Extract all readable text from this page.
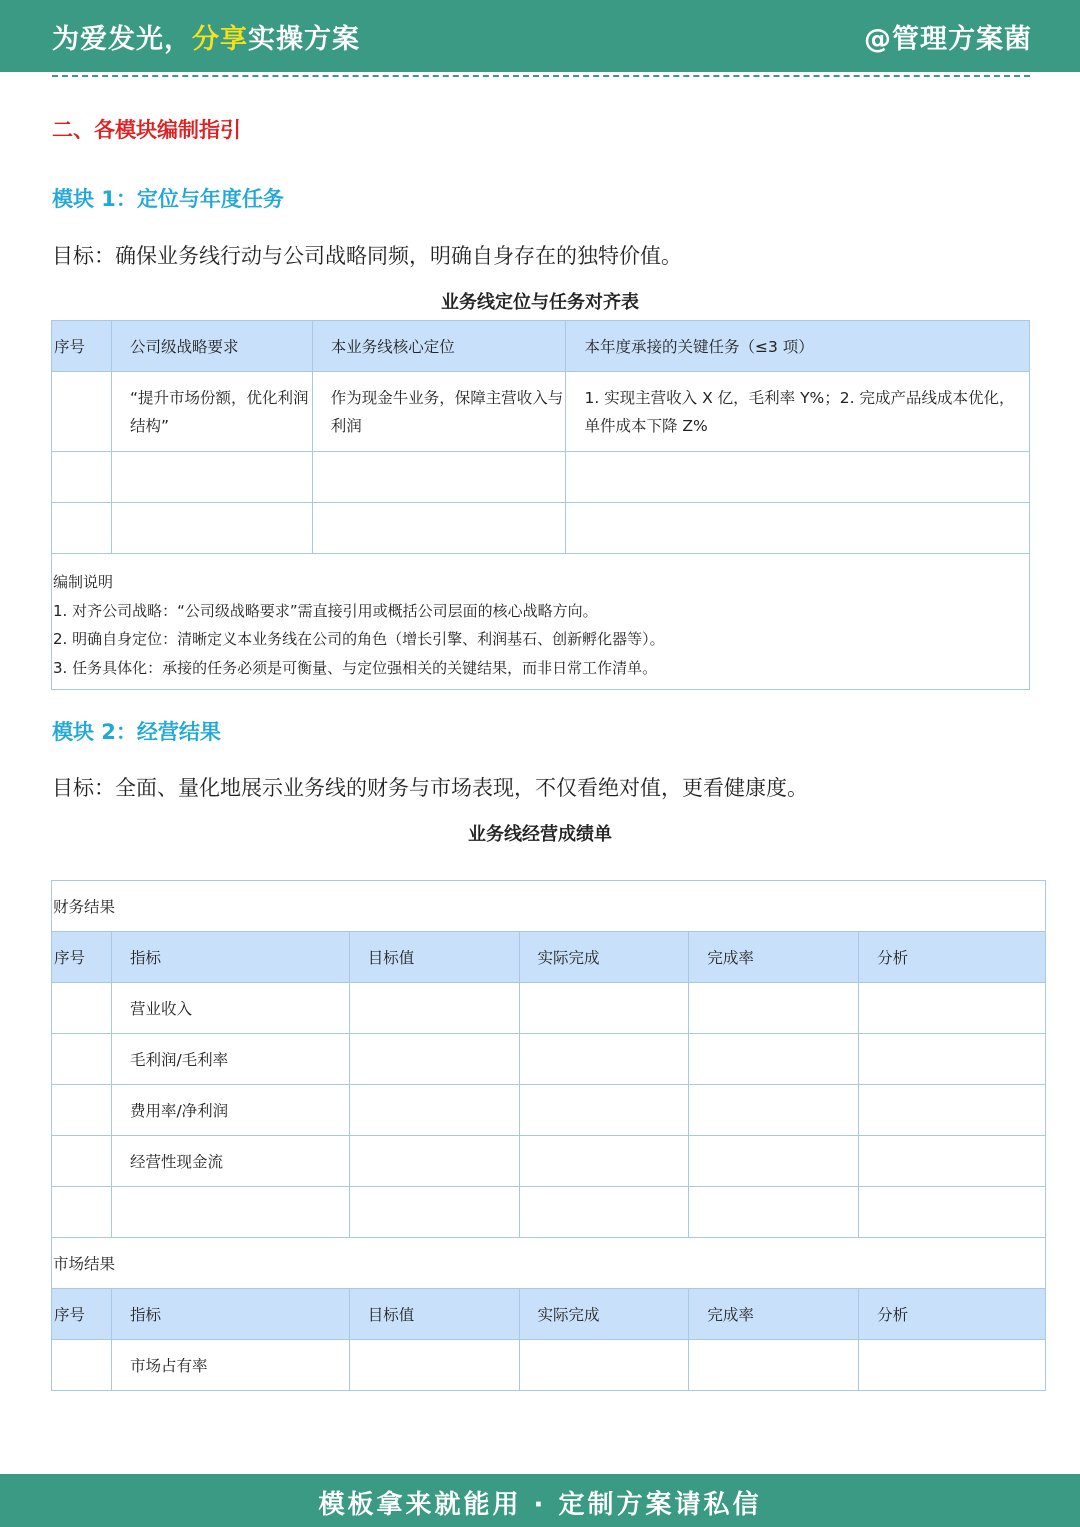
为爱发光，分享实操方案	@管理方案菌
二、各模块编制指引
模块 1：定位与年度任务
目标：确保业务线行动与公司战略同频，明确自身存在的独特价值。
业务线定位与任务对齐表
序号	公司级战略要求	本业务线核心定位	本年度承接的关键任务（≤3 项）
	“提升市场份额，优化利润结构”	作为现金牛业务，保障主营收入与利润	1. 实现主营收入 X 亿，毛利率 Y%；2. 完成产品线成本优化，单件成本下降 Z%

编制说明
1. 对齐公司战略：“公司级战略要求”需直接引用或概括公司层面的核心战略方向。
2. 明确自身定位：清晰定义本业务线在公司的角色（增长引擎、利润基石、创新孵化器等）。
3. 任务具体化：承接的任务必须是可衡量、与定位强相关的关键结果，而非日常工作清单。			
模块 2：经营结果
目标：全面、量化地展示业务线的财务与市场表现，不仅看绝对值，更看健康度。
业务线经营成绩单
财务结果					
序号	指标	目标值	实际完成	完成率	分析
	营业收入				
	毛利润/毛利率				
	费用率/净利润				
	经营性现金流				

市场结果					
序号	指标	目标值	实际完成	完成率	分析
	市场占有率				
模板拿来就能用 · 定制方案请私信
